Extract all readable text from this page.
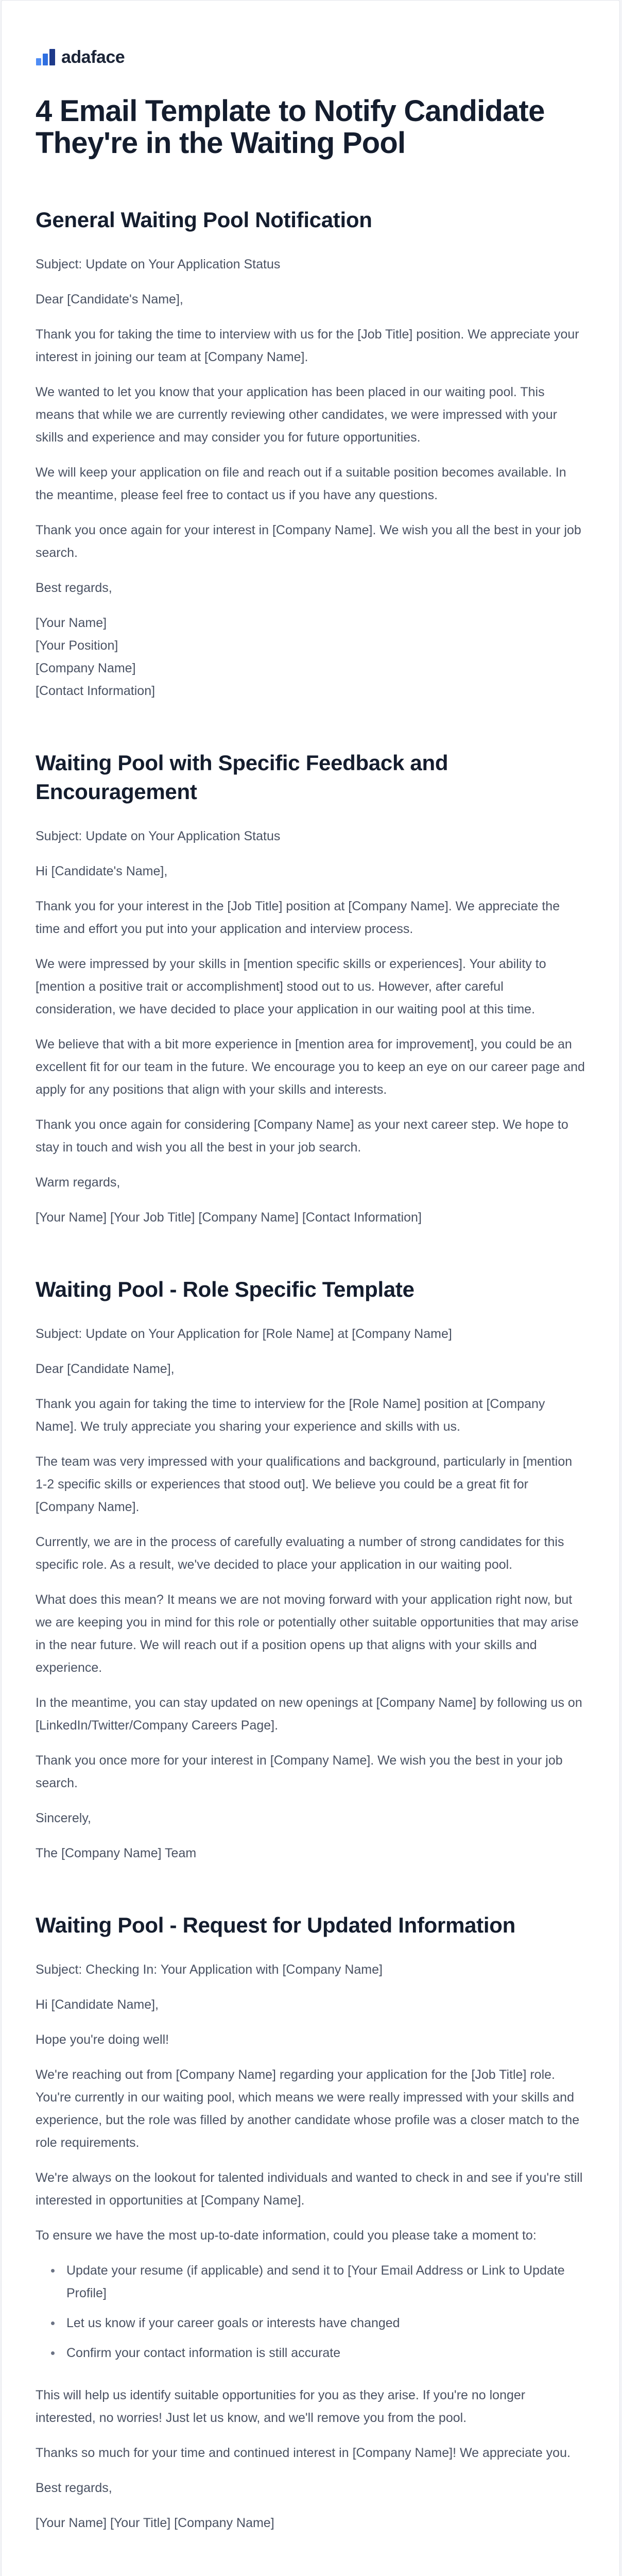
adaface
4 Email Template to Notify Candidate They're in the Waiting Pool
General Waiting Pool Notification

Subject: Update on Your Application Status

Dear [Candidate's Name],

Thank you for taking the time to interview with us for the [Job Title] position. We appreciate your interest in joining our team at [Company Name].

We wanted to let you know that your application has been placed in our waiting pool. This means that while we are currently reviewing other candidates, we were impressed with your skills and experience and may consider you for future opportunities.

We will keep your application on file and reach out if a suitable position becomes available. In the meantime, please feel free to contact us if you have any questions.

Thank you once again for your interest in [Company Name]. We wish you all the best in your job search.

Best regards,

[Your Name]

[Your Position]

[Company Name]

[Contact Information]

Waiting Pool with Specific Feedback and Encouragement

Subject: Update on Your Application Status

Hi [Candidate's Name],

Thank you for your interest in the [Job Title] position at [Company Name]. We appreciate the time and effort you put into your application and interview process.

We were impressed by your skills in [mention specific skills or experiences]. Your ability to [mention a positive trait or accomplishment] stood out to us. However, after careful consideration, we have decided to place your application in our waiting pool at this time.

We believe that with a bit more experience in [mention area for improvement], you could be an excellent fit for our team in the future. We encourage you to keep an eye on our career page and apply for any positions that align with your skills and interests.

Thank you once again for considering [Company Name] as your next career step. We hope to stay in touch and wish you all the best in your job search.

Warm regards,

[Your Name] [Your Job Title] [Company Name] [Contact Information]

Waiting Pool - Role Specific Template

Subject: Update on Your Application for [Role Name] at [Company Name]

Dear [Candidate Name],

Thank you again for taking the time to interview for the [Role Name] position at [Company Name]. We truly appreciate you sharing your experience and skills with us.

The team was very impressed with your qualifications and background, particularly in [mention 1-2 specific skills or experiences that stood out]. We believe you could be a great fit for [Company Name].

Currently, we are in the process of carefully evaluating a number of strong candidates for this specific role. As a result, we've decided to place your application in our waiting pool.

What does this mean? It means we are not moving forward with your application right now, but we are keeping you in mind for this role or potentially other suitable opportunities that may arise in the near future. We will reach out if a position opens up that aligns with your skills and experience.

In the meantime, you can stay updated on new openings at [Company Name] by following us on [LinkedIn/Twitter/Company Careers Page].

Thank you once more for your interest in [Company Name]. We wish you the best in your job search.

Sincerely,

The [Company Name] Team

Waiting Pool - Request for Updated Information

Subject: Checking In: Your Application with [Company Name]

Hi [Candidate Name],

Hope you're doing well!

We're reaching out from [Company Name] regarding your application for the [Job Title] role. You're currently in our waiting pool, which means we were really impressed with your skills and experience, but the role was filled by another candidate whose profile was a closer match to the role requirements.

We're always on the lookout for talented individuals and wanted to check in and see if you're still interested in opportunities at [Company Name].

To ensure we have the most up-to-date information, could you please take a moment to:

Update your resume (if applicable) and send it to [Your Email Address or Link to Update Profile]
Let us know if your career goals or interests have changed
Confirm your contact information is still accurate

This will help us identify suitable opportunities for you as they arise. If you're no longer interested, no worries! Just let us know, and we'll remove you from the pool.

Thanks so much for your time and continued interest in [Company Name]! We appreciate you.

Best regards,

[Your Name] [Your Title] [Company Name]
